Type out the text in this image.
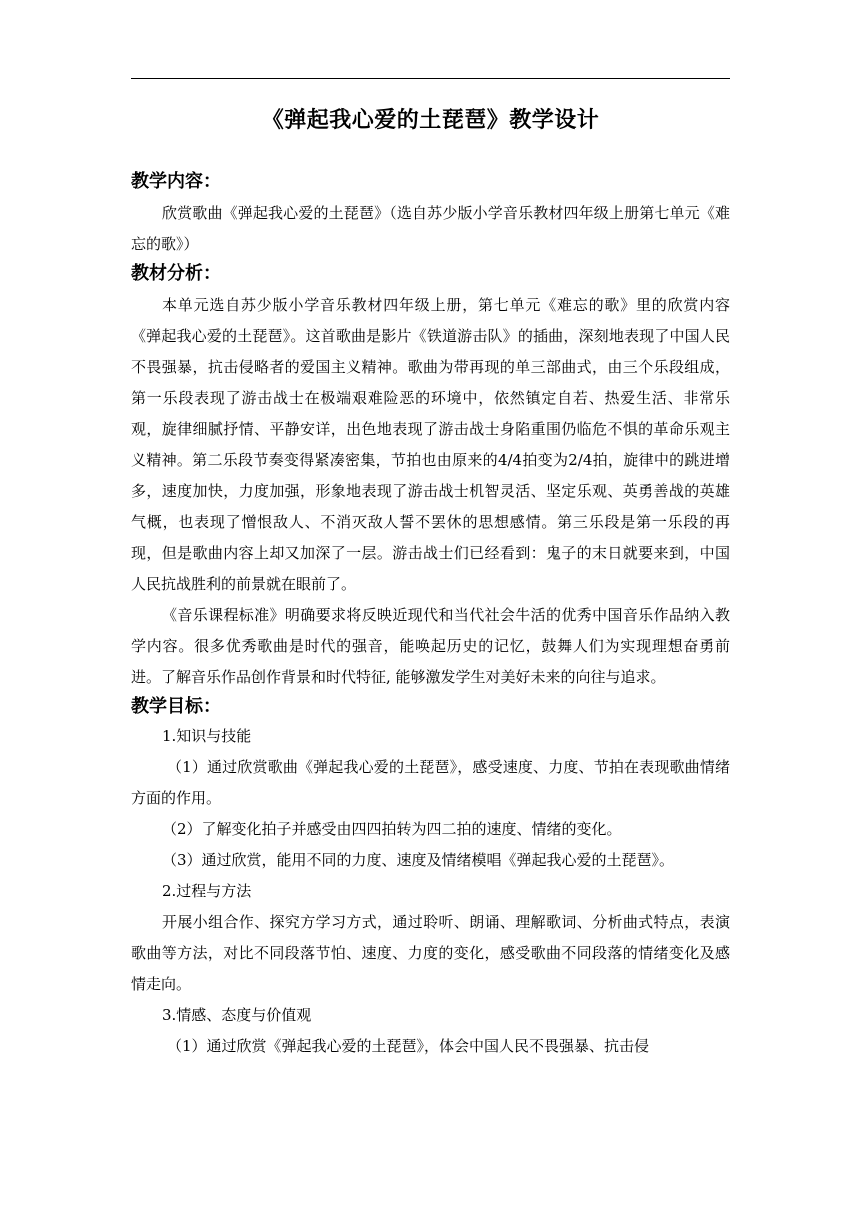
《弹起我心爱的土琵琶》教学设计
教学内容：

欣赏歌曲《弹起我心爱的土琵琶》（选自苏少版小学音乐教材四年级上册第七单元《难忘的歌》）

教材分析：

本单元选自苏少版小学音乐教材四年级上册，第七单元《难忘的歌》里的欣赏内容《弹起我心爱的土琵琶》。这首歌曲是影片《铁道游击队》的插曲，深刻地表现了中国人民不畏强暴，抗击侵略者的爱国主义精神。歌曲为带再现的单三部曲式，由三个乐段组成，第一乐段表现了游击战士在极端艰难险恶的环境中，依然镇定自若、热爱生活、非常乐观，旋律细腻抒情、平静安详，出色地表现了游击战士身陷重围仍临危不惧的革命乐观主义精神。第二乐段节奏变得紧凑密集，节拍也由原来的4/4拍变为2/4拍，旋律中的跳进增多，速度加快，力度加强，形象地表现了游击战士机智灵活、坚定乐观、英勇善战的英雄气概，也表现了憎恨敌人、不消灭敌人誓不罢休的思想感情。第三乐段是第一乐段的再现，但是歌曲内容上却又加深了一层。游击战士们已经看到：鬼子的末日就要来到，中国人民抗战胜利的前景就在眼前了。

《音乐课程标准》明确要求将反映近现代和当代社会牛活的优秀中国音乐作品纳入教学内容。很多优秀歌曲是时代的强音，能唤起历史的记忆，鼓舞人们为实现理想奋勇前进。了解音乐作品创作背景和时代特征, 能够激发学生对美好未来的向往与追求。

教学目标：
1.知识与技能

（1）通过欣赏歌曲《弹起我心爱的土琵琶》，感受速度、力度、节拍在表现歌曲情绪方面的作用。

（2）了解变化拍子并感受由四四拍转为四二拍的速度、情绪的变化。
（3）通过欣赏，能用不同的力度、速度及情绪模唱《弹起我心爱的土琵琶》。
2.过程与方法

开展小组合作、探究方学习方式，通过聆听、朗诵、理解歌词、分析曲式特点，表演歌曲等方法，对比不同段落节怕、速度、力度的变化，感受歌曲不同段落的情绪变化及感情走向。

3.情感、态度与价值观

（1）通过欣赏《弹起我心爱的土琵琶》，体会中国人民不畏强暴、抗击侵
